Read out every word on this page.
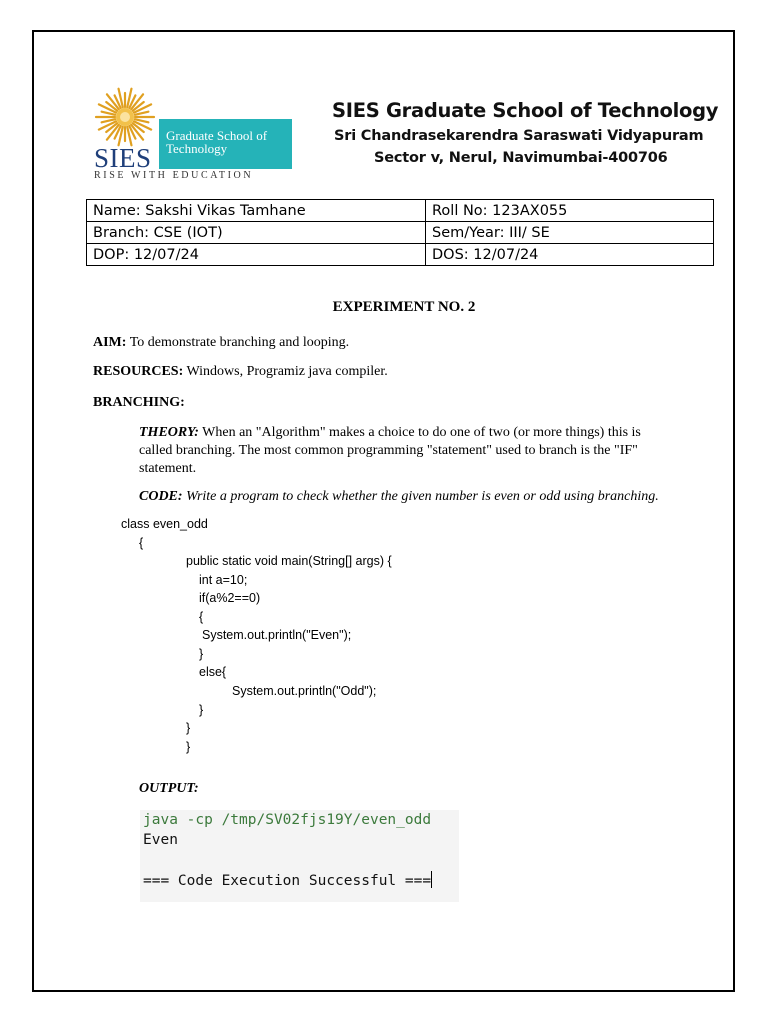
SIES
Graduate School of
Technology
RISE WITH EDUCATION
SIES Graduate School of Technology
Sri Chandrasekarendra Saraswati Vidyapuram
Sector v, Nerul, Navimumbai-400706
Name: Sakshi Vikas Tamhane	Roll No: 123AX055
Branch: CSE (IOT)	Sem/Year: III/ SE
DOP: 12/07/24	DOS: 12/07/24
EXPERIMENT NO. 2
AIM: To demonstrate branching and looping.
RESOURCES: Windows, Programiz java compiler.
BRANCHING:
THEORY: When an "Algorithm" makes a choice to do one of two (or more things) this is called branching. The most common programming "statement" used to branch is the "IF" statement.
CODE: Write a program to check whether the given number is even or odd using branching.
class even_odd
{
public static void main(String[] args) {
int a=10;
if(a%2==0)
{
System.out.println("Even");
}
else{
System.out.println("Odd");
}
}
}
OUTPUT:
java -cp /tmp/SV02fjs19Y/even_odd
Even
=== Code Execution Successful ===
